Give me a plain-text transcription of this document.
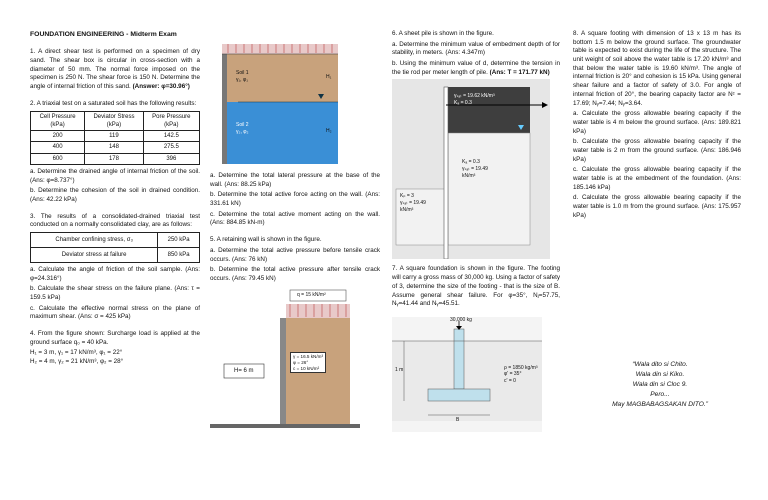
FOUNDATION ENGINEERING - Midterm Exam

1. A direct shear test is performed on a specimen of dry sand. The shear box is circular in cross-section with a diameter of 50 mm. The normal force imposed on the specimen is 250 N. The shear force is 150 N. Determine the angle of internal friction of this sand. (Answer: φ=30.96°)

2. A triaxial test on a saturated soil has the following results:

Cell Pressure (kPa)	Deviator Stress (kPa)	Pore Pressure (kPa)
200	119	142.5
400	148	275.5
600	178	396

a. Determine the drained angle of internal friction of the soil. (Ans: φ=8.737°)

b. Determine the cohesion of the soil in drained condition. (Ans: 42.22 kPa)

3. The results of a consolidated-drained triaxial test conducted on a normally consolidated clay, are as follows:

Chamber confining stress, σ₃	250 kPa
Deviator stress at failure	850 kPa

a. Calculate the angle of friction of the soil sample. (Ans: φ=24.316°)

b. Calculate the shear stress on the failure plane. (Ans: τ = 159.5 kPa)

c. Calculate the effective normal stress on the plane of maximum shear. (Ans: σ = 425 kPa)

4. From the figure shown: Surcharge load is applied at the ground surface q₀ = 40 kPa.

H₁ = 3 m, γ₁ = 17 kN/m³, φ₁ = 22°

H₂ = 4 m, γ₂ = 21 kN/m³, φ₂ = 28°

Soil 1
γ₁, φ₁
Soil 2
γ₂, φ₂
H₁
H₂

a. Determine the total lateral pressure at the base of the wall. (Ans: 88.25 kPa)

b. Determine the total active force acting on the wall. (Ans: 331.61 kN)

c. Determine the total active moment acting on the wall. (Ans: 884.85 kN-m)

5. A retaining wall is shown in the figure.

a. Determine the total active pressure before tensile crack occurs. (Ans: 76 kN)

b. Determine the total active pressure after tensile crack occurs. (Ans: 79.45 kN)

q = 15 kN/m²
H= 6 m
γ = 16.5 kN/m³
φ = 26°
c = 10 kN/m²

6. A sheet pile is shown in the figure.

a. Determine the minimum value of embedment depth of for stability, in meters. (Ans: 4.347m)

b. Using the minimum value of d, determine the tension in the tie rod per meter length of pile. (Ans: T = 171.77 kN)

γₛₐₜ = 19.62 kN/m³
Kₐ = 0.3
Kₐ = 0.3
γₛₐₜ = 19.49
kN/m³
Kₚ = 3
γₛₐₜ = 19.49
kN/m³

7. A square foundation is shown in the figure. The footing will carry a gross mass of 30,000 kg. Using a factor of safety of 3, determine the size of the footing - that is the size of B. Assume general shear failure. For φ=35°, Nⱼ=57.75, Nᵧ=41.44 and Nᵧ=45.51.

30,000 kg
1 m
B
ρ = 1850 kg/m³
φ' = 35°
c' = 0

8. A square footing with dimension of 13 x 13 m has its bottom 1.5 m below the ground surface. The groundwater table is expected to exist during the life of the structure. The unit weight of soil above the water table is 17.20 kN/m³ and that below the water table is 19.60 kN/m³. The angle of internal friction is 20° and cohesion is 15 kPa. Using general shear failure and a factor of safety of 3.0. For angle of internal friction of 20°, the bearing capacity factor are Nᶜ = 17.69; Nᵧ=7.44; Nᵧ=3.64.

a. Calculate the gross allowable bearing capacity if the water table is 4 m below the ground surface. (Ans: 189.821 kPa)

b. Calculate the gross allowable bearing capacity if the water table is 2 m from the ground surface. (Ans: 186.946 kPa)

c. Calculate the gross allowable bearing capacity if the water table is at the embedment of the foundation. (Ans: 185.146 kPa)

d. Calculate the gross allowable bearing capacity if the water table is 1.0 m from the ground surface. (Ans: 175.957 kPa)

“Wala dito si Chito.
Wala din si Kiko.
Wala din si Cloc 9.
Pero...
May MAGBABAGSAKAN DITO.”
